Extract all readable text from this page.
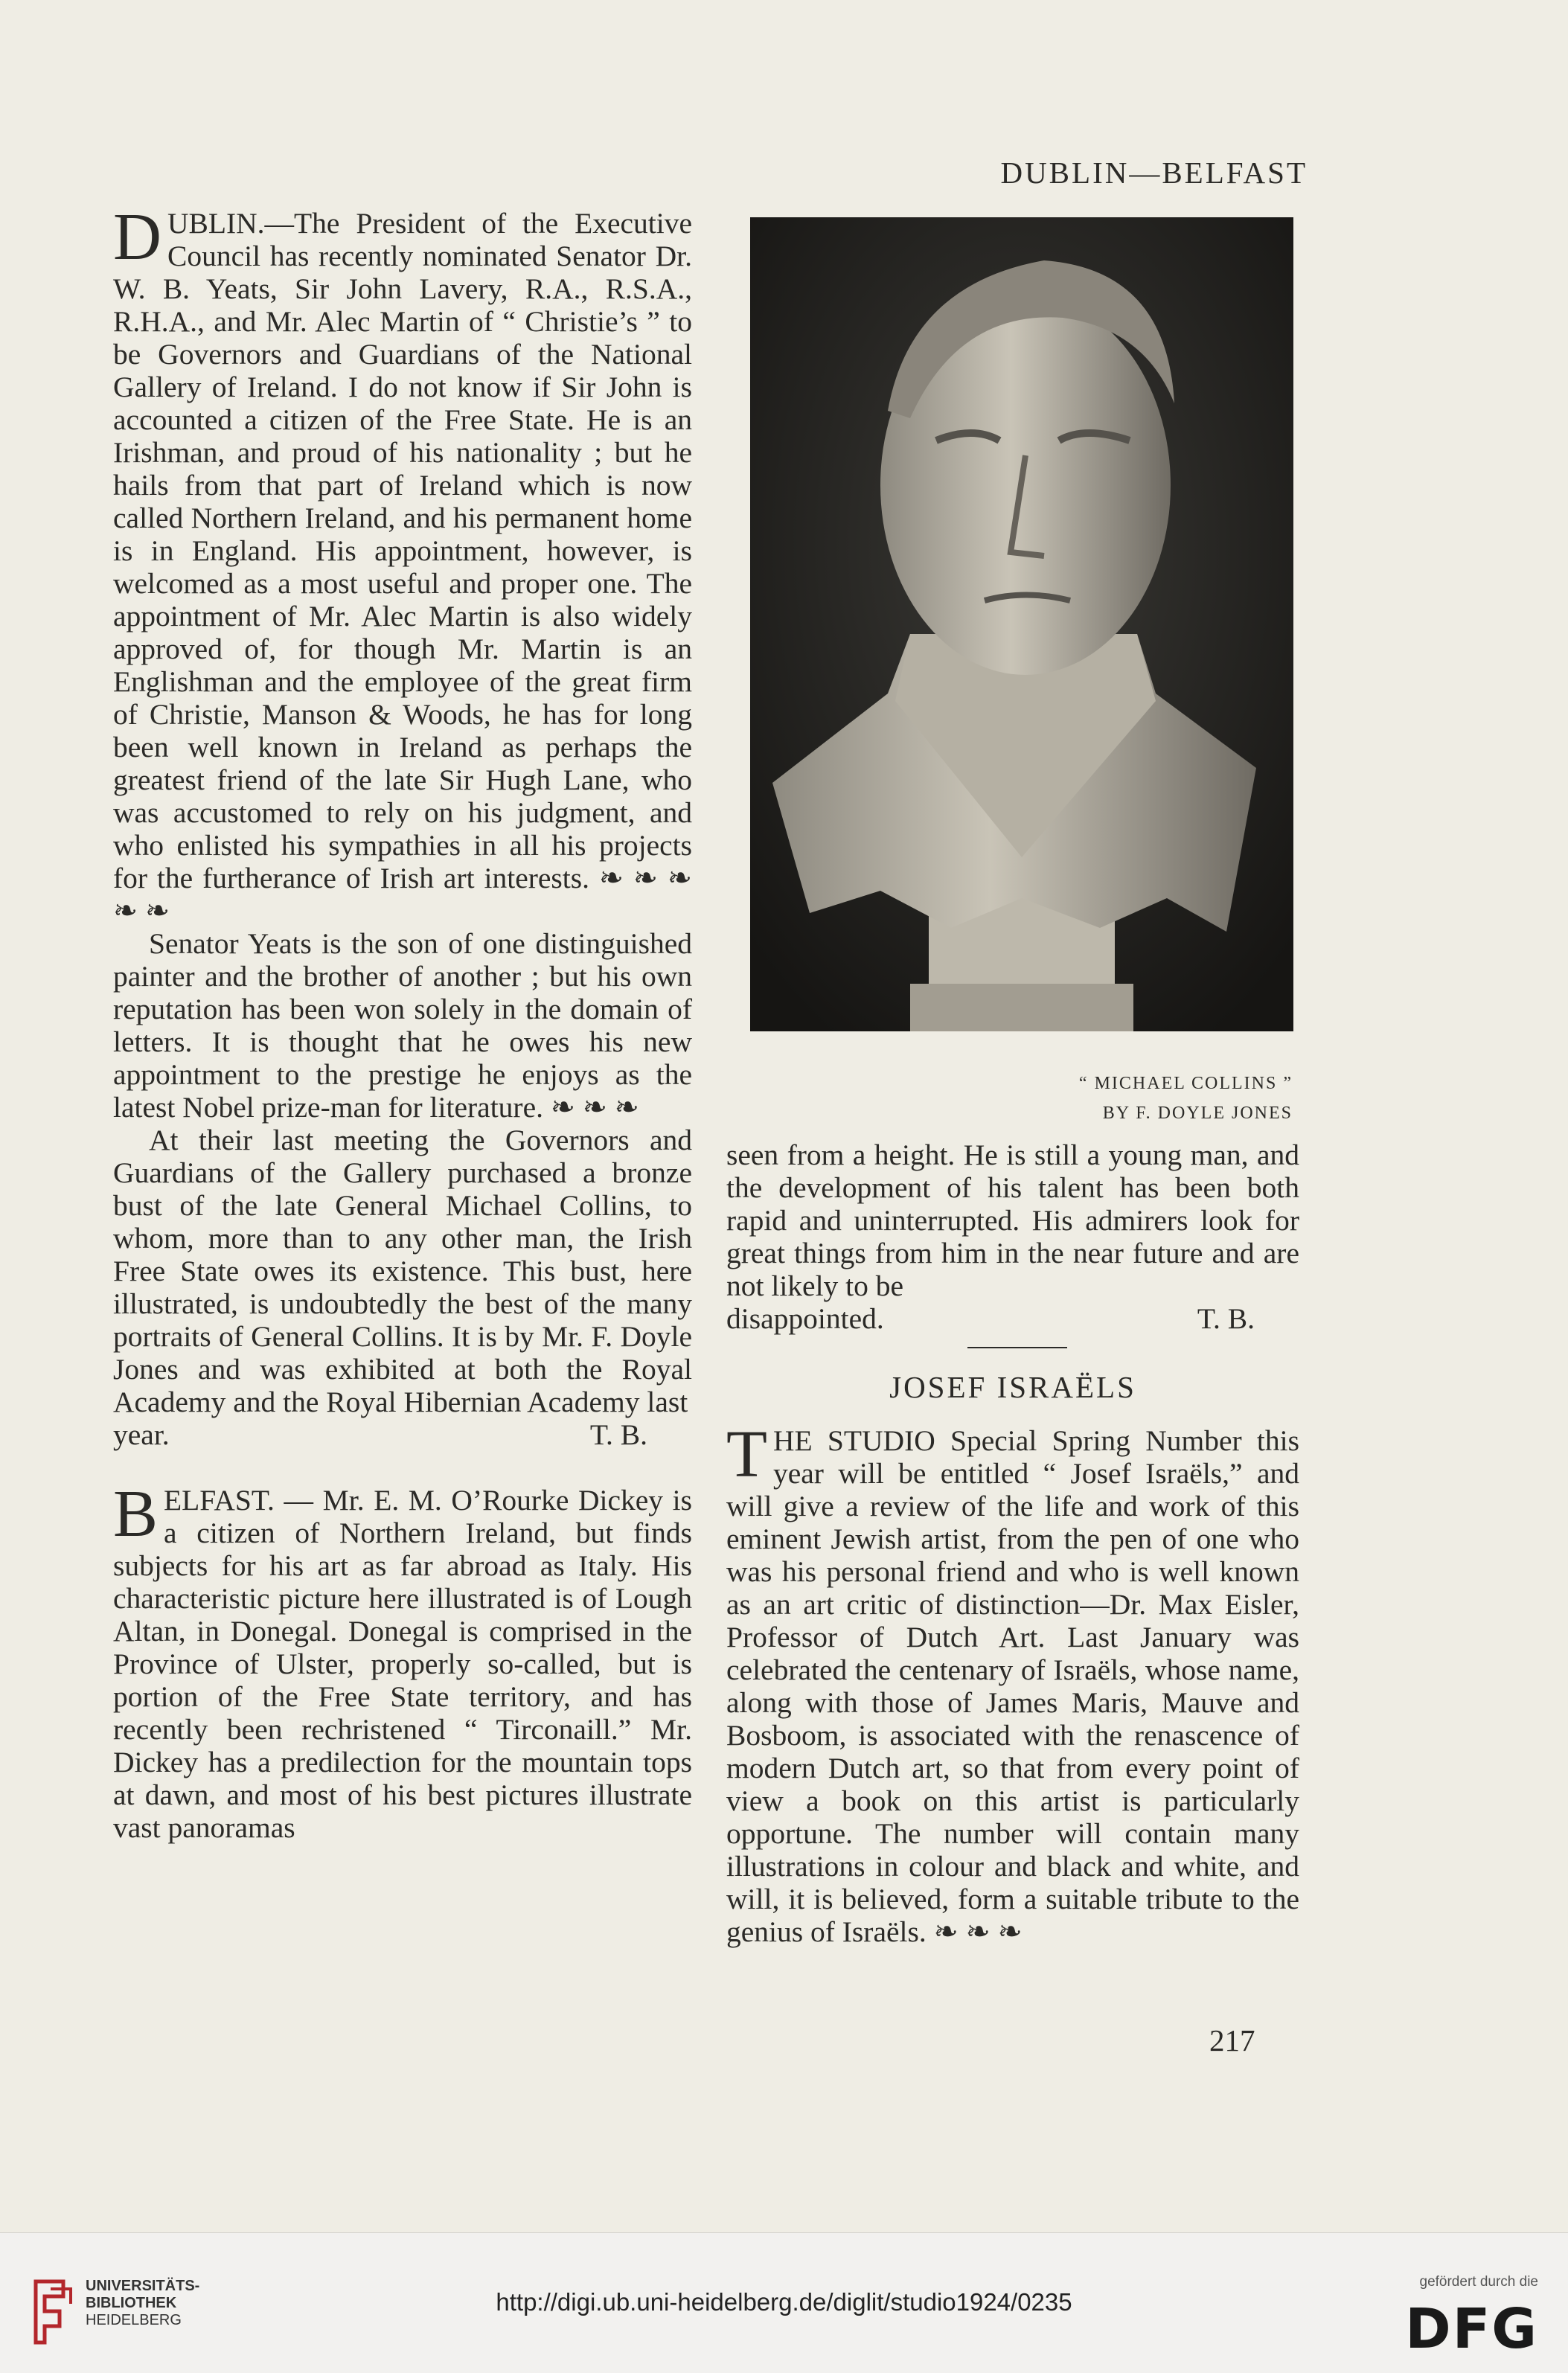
DUBLIN—BELFAST

DUBLIN.—The President of the Executive Council has recently nominated Senator Dr. W. B. Yeats, Sir John Lavery, R.A., R.S.A., R.H.A., and Mr. Alec Martin of “ Christie’s ” to be Governors and Guardians of the National Gallery of Ireland. I do not know if Sir John is accounted a citizen of the Free State. He is an Irishman, and proud of his nationality ; but he hails from that part of Ireland which is now called Northern Ireland, and his permanent home is in England. His appointment, however, is welcomed as a most useful and proper one. The appointment of Mr. Alec Martin is also widely approved of, for though Mr. Martin is an Englishman and the employee of the great firm of Christie, Manson & Woods, he has for long been well known in Ireland as perhaps the greatest friend of the late Sir Hugh Lane, who was accustomed to rely on his judgment, and who enlisted his sympathies in all his projects for the furtherance of Irish art interests. ❧ ❧ ❧ ❧ ❧

Senator Yeats is the son of one distinguished painter and the brother of another ; but his own reputation has been won solely in the domain of letters. It is thought that he owes his new appointment to the prestige he enjoys as the latest Nobel prize-man for literature. ❧ ❧ ❧

At their last meeting the Governors and Guardians of the Gallery purchased a bronze bust of the late General Michael Collins, to whom, more than to any other man, the Irish Free State owes its existence. This bust, here illustrated, is undoubtedly the best of the many portraits of General Collins. It is by Mr. F. Doyle Jones and was exhibited at both the Royal Academy and the Royal Hibernian Academy last

year.	T. B.

BELFAST. — Mr. E. M. O’Rourke Dickey is a citizen of Northern Ireland, but finds subjects for his art as far abroad as Italy. His characteristic picture here illustrated is of Lough Altan, in Donegal. Donegal is comprised in the Province of Ulster, properly so-called, but is portion of the Free State territory, and has recently been rechristened “ Tirconaill.” Mr. Dickey has a predilection for the mountain tops at dawn, and most of his best pictures illustrate vast panoramas

“ MICHAEL COLLINS ”
BY F. DOYLE JONES

seen from a height. He is still a young man, and the development of his talent has been both rapid and uninterrupted. His admirers look for great things from him in the near future and are not likely to be

disappointed.	T. B.

JOSEF ISRAËLS

THE STUDIO Special Spring Number this year will be entitled “ Josef Israëls,” and will give a review of the life and work of this eminent Jewish artist, from the pen of one who was his personal friend and who is well known as an art critic of distinction—Dr. Max Eisler, Professor of Dutch Art. Last January was celebrated the centenary of Israëls, whose name, along with those of James Maris, Mauve and Bosboom, is associated with the renascence of modern Dutch art, so that from every point of view a book on this artist is particularly opportune. The number will contain many illustrations in colour and black and white, and will, it is believed, form a suitable tribute to the genius of Israëls. ❧ ❧ ❧

217
UNIVERSITÄTS-
BIBLIOTHEK
HEIDELBERG
http://digi.ub.uni-heidelberg.de/diglit/studio1924/0235
gefördert durch die
DFG
